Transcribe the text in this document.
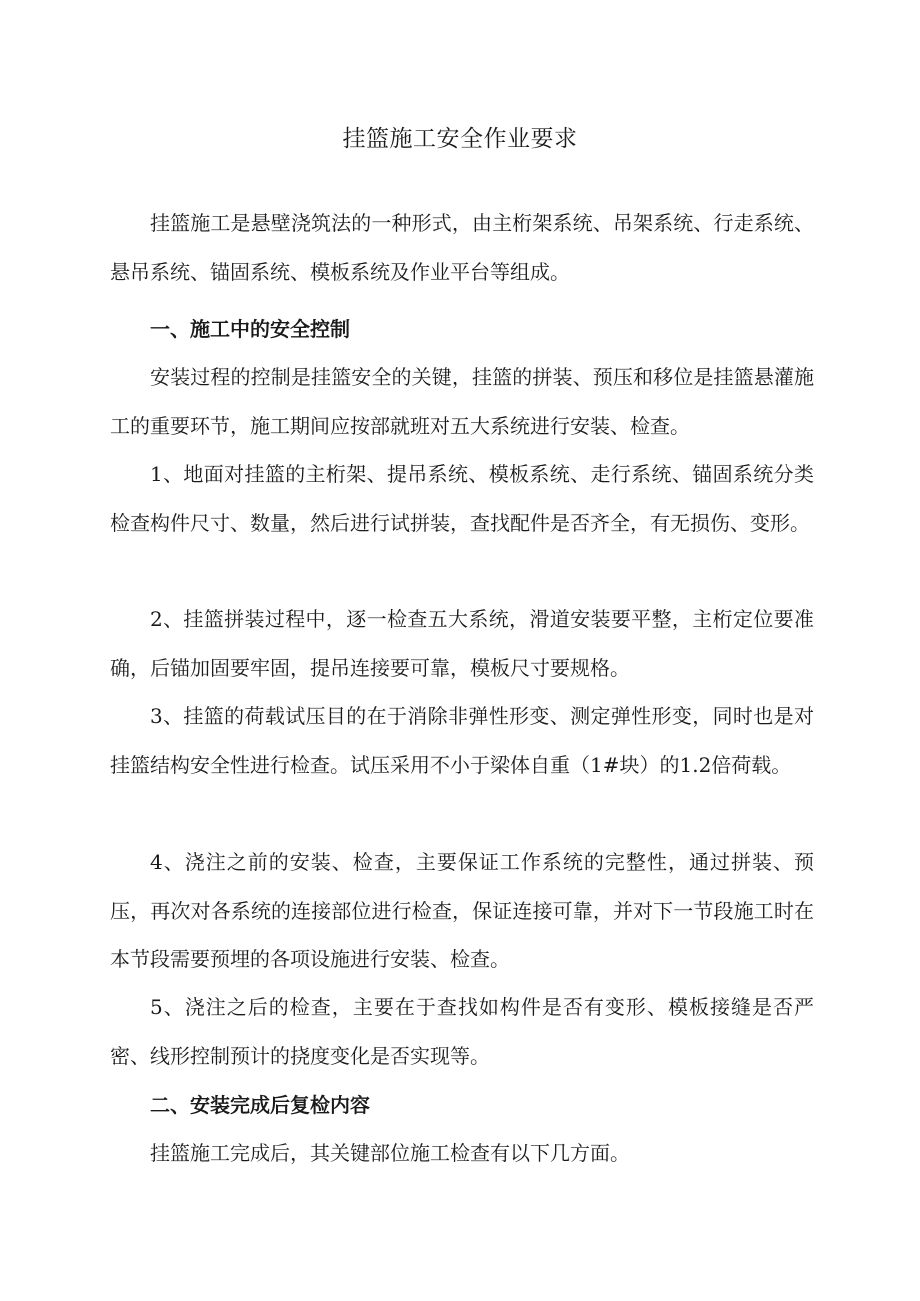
挂篮施工安全作业要求

挂篮施工是悬壁浇筑法的一种形式，由主桁架系统、吊架系统、行走系统、悬吊系统、锚固系统、模板系统及作业平台等组成。

一、施工中的安全控制

安装过程的控制是挂篮安全的关键，挂篮的拼装、预压和移位是挂篮悬灌施工的重要环节，施工期间应按部就班对五大系统进行安装、检查。

1、地面对挂篮的主桁架、提吊系统、模板系统、走行系统、锚固系统分类检查构件尺寸、数量，然后进行试拼装，查找配件是否齐全，有无损伤、变形。

2、挂篮拼装过程中，逐一检查五大系统，滑道安装要平整，主桁定位要准确，后锚加固要牢固，提吊连接要可靠，模板尺寸要规格。

3、挂篮的荷载试压目的在于消除非弹性形变、测定弹性形变，同时也是对挂篮结构安全性进行检查。试压采用不小于梁体自重（1#块）的1.2倍荷载。

4、浇注之前的安装、检查，主要保证工作系统的完整性，通过拼装、预压，再次对各系统的连接部位进行检查，保证连接可靠，并对下一节段施工时在本节段需要预埋的各项设施进行安装、检查。

5、浇注之后的检查，主要在于查找如构件是否有变形、模板接缝是否严密、线形控制预计的挠度变化是否实现等。

二、安装完成后复检内容

挂篮施工完成后，其关键部位施工检查有以下几方面。
